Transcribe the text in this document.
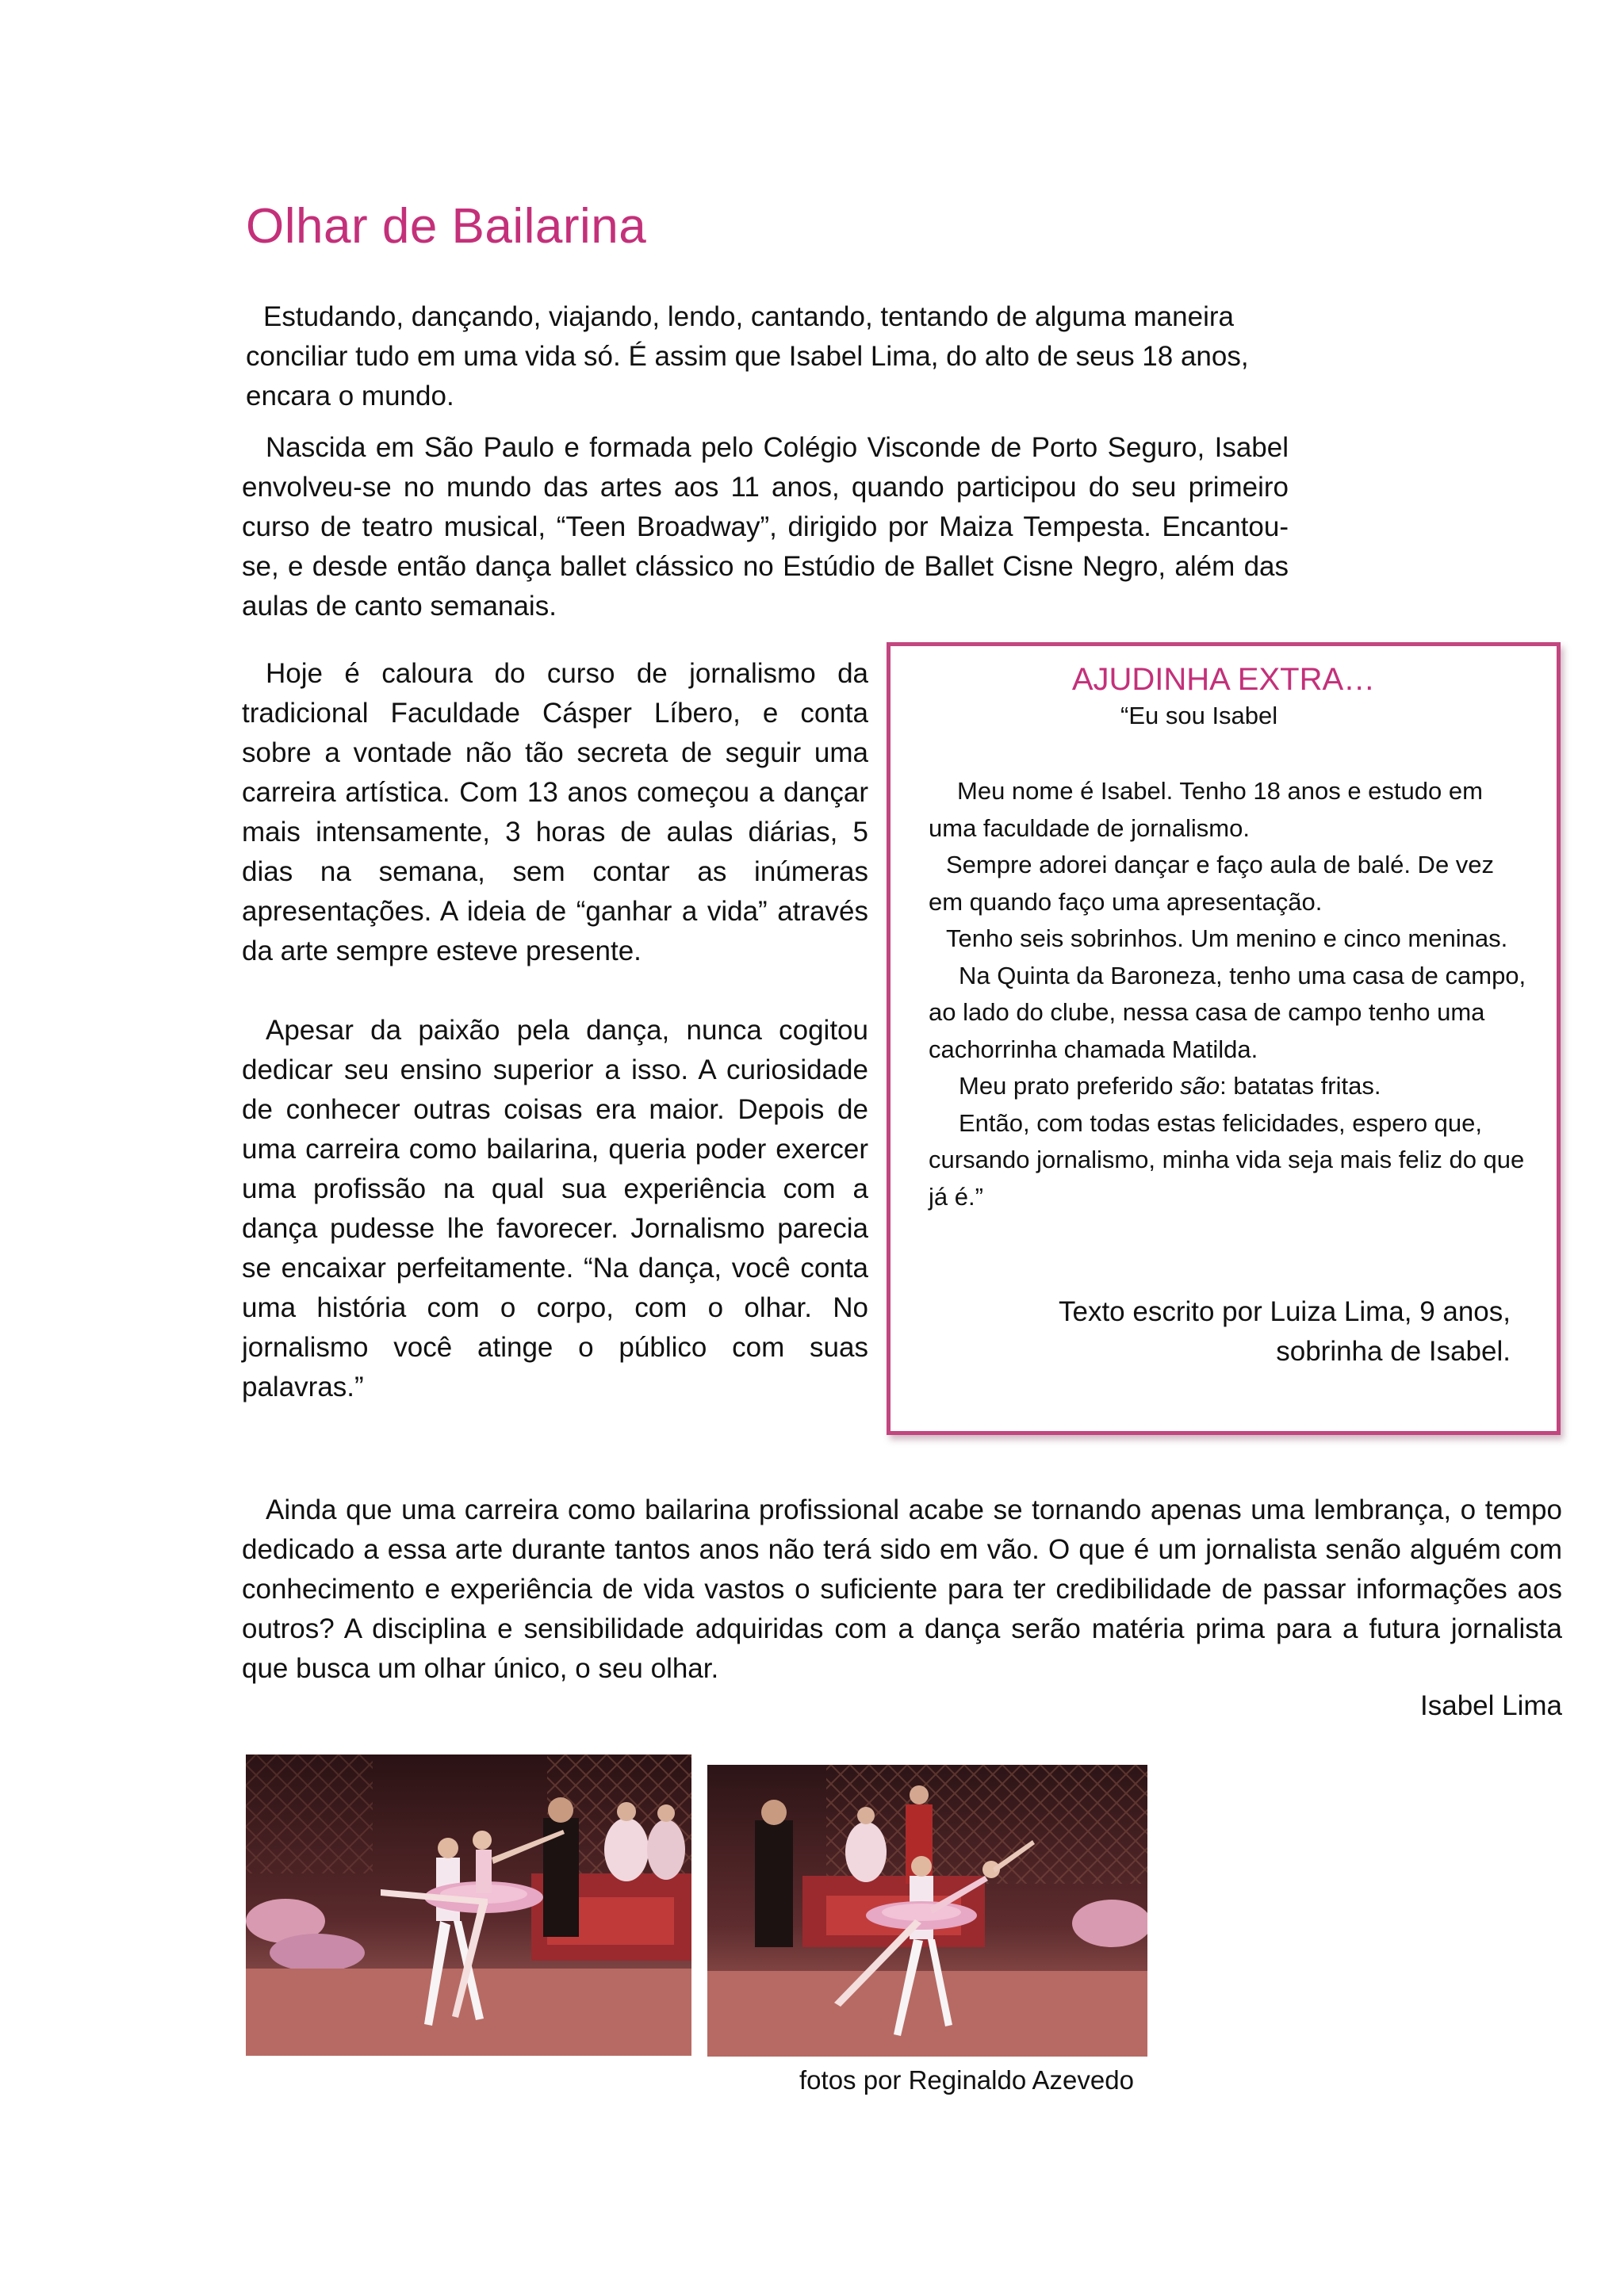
Olhar de Bailarina

Estudando, dançando, viajando, lendo, cantando, tentando de alguma maneira conciliar tudo em uma vida só. É assim que Isabel Lima, do alto de seus 18 anos, encara o mundo.

Nascida em São Paulo e formada pelo Colégio Visconde de Porto Seguro, Isabel envolveu-se no mundo das artes aos 11 anos, quando participou do seu primeiro curso de teatro musical, “Teen Broadway”, dirigido por Maiza Tempesta. Encantou-se, e desde então dança ballet clássico no Estúdio de Ballet Cisne Negro, além das aulas de canto semanais.

Hoje é caloura do curso de jornalismo da tradicional Faculdade Cásper Líbero, e conta sobre a vontade não tão secreta de seguir uma carreira artística. Com 13 anos começou a dançar mais intensamente, 3 horas de aulas diárias, 5 dias na semana, sem contar as inúmeras apresentações. A ideia de “ganhar a vida” através da arte sempre esteve presente.

Apesar da paixão pela dança, nunca cogitou dedicar seu ensino superior a isso. A curiosidade de conhecer outras coisas era maior. Depois de uma carreira como bailarina, queria poder exercer uma profissão na qual sua experiência com a dança pudesse lhe favorecer. Jornalismo parecia se encaixar perfeitamente. “Na dança, você conta uma história com o corpo, com o olhar. No jornalismo você atinge o público com suas palavras.”

AJUDINHA EXTRA…
“Eu sou Isabel

Meu nome é Isabel. Tenho 18 anos e estudo em uma faculdade de jornalismo.

Sempre adorei dançar e faço aula de balé. De vez em quando faço uma apresentação.

Tenho seis sobrinhos. Um menino e cinco meninas.

Na Quinta da Baroneza, tenho uma casa de campo, ao lado do clube, nessa casa de campo tenho uma cachorrinha chamada Matilda.

Meu prato preferido são: batatas fritas.

Então, com todas estas felicidades, espero que, cursando jornalismo, minha vida seja mais feliz do que já é.”

Texto escrito por Luiza Lima, 9 anos,
sobrinha de Isabel.

Ainda que uma carreira como bailarina profissional acabe se tornando apenas uma lembrança, o tempo dedicado a essa arte durante tantos anos não terá sido em vão. O que é um jornalista senão alguém com conhecimento e experiência de vida vastos o suficiente para ter credibilidade de passar informações aos outros? A disciplina e sensibilidade adquiridas com a dança serão matéria prima para a futura jornalista que busca um olhar único, o seu olhar.

Isabel Lima
fotos por Reginaldo Azevedo
